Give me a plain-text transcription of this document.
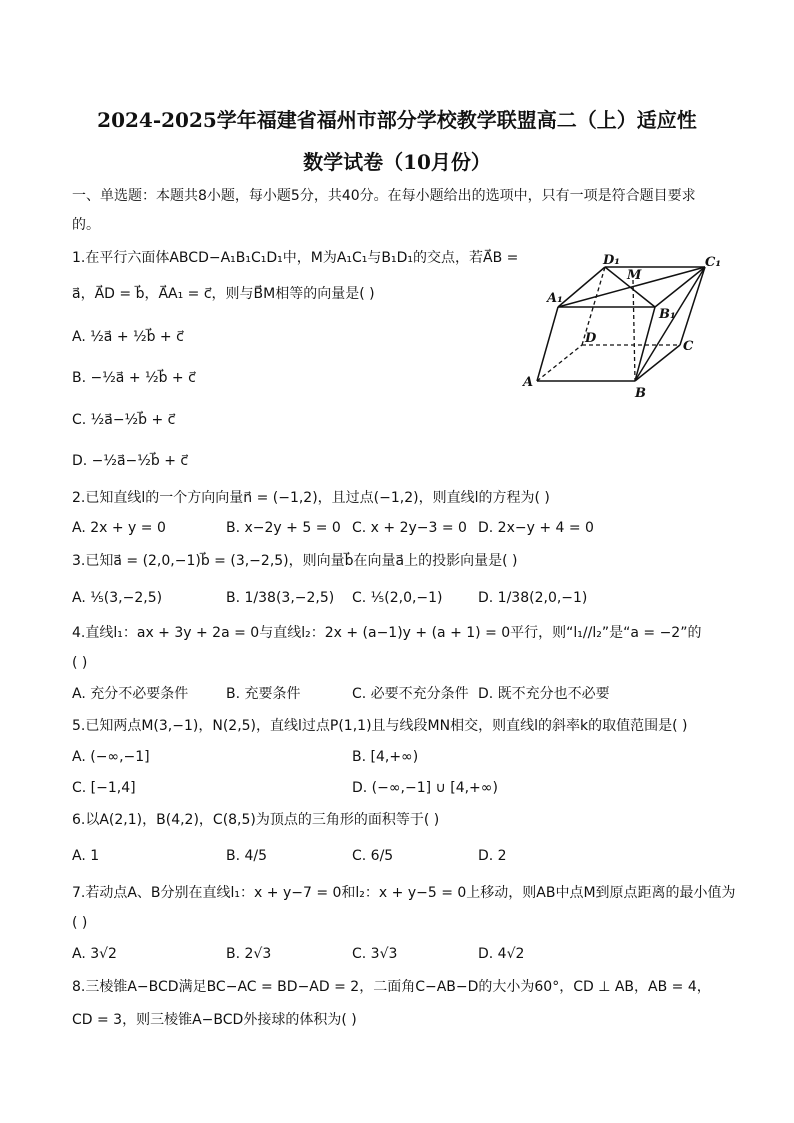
2024-2025学年福建省福州市部分学校教学联盟高二（上）适应性
数学试卷（10月份）
一、单选题：本题共8小题，每小题5分，共40分。在每小题给出的选项中，只有一项是符合题目要求
的。
1.在平行六面体ABCD−A₁B₁C₁D₁中，M为A₁C₁与B₁D₁的交点，若A⃗B =
a⃗，A⃗D = b⃗，A⃗A₁ = c⃗，则与B⃗M相等的向量是( )
A. ½a⃗ + ½b⃗ + c⃗
B. −½a⃗ + ½b⃗ + c⃗
C. ½a⃗−½b⃗ + c⃗
D. −½a⃗−½b⃗ + c⃗
A
B
C
D
A₁
B₁
C₁
D₁
M
2.已知直线l的一个方向向量n⃗ = (−1,2)，且过点(−1,2)，则直线l的方程为( )
A. 2x + y = 0	B. x−2y + 5 = 0 C. x + 2y−3 = 0 D. 2x−y + 4 = 0
3.已知a⃗ = (2,0,−1)b⃗ = (3,−2,5)，则向量b⃗在向量a⃗上的投影向量是( )
A. ⅕(3,−2,5)	B. 1/38(3,−2,5) C. ⅕(2,0,−1)	D. 1/38(2,0,−1)
4.直线l₁：ax + 3y + 2a = 0与直线l₂：2x + (a−1)y + (a + 1) = 0平行，则“l₁//l₂”是“a = −2”的
( )
A. 充分不必要条件	B. 充要条件	C. 必要不充分条件 D. 既不充分也不必要
5.已知两点M(3,−1)，N(2,5)，直线l过点P(1,1)且与线段MN相交，则直线l的斜率k的取值范围是( )
A. (−∞,−1]	B. [4,+∞)
C. [−1,4]	D. (−∞,−1] ∪ [4,+∞)
6.以A(2,1)，B(4,2)，C(8,5)为顶点的三角形的面积等于( )
A. 1	B. 4/5	C. 6/5	D. 2
7.若动点A、B分别在直线l₁：x + y−7 = 0和l₂：x + y−5 = 0上移动，则AB中点M到原点距离的最小值为
( )
A. 3√2	B. 2√3	C. 3√3	D. 4√2
8.三棱锥A−BCD满足BC−AC = BD−AD = 2，二面角C−AB−D的大小为60°，CD ⊥ AB，AB = 4，
CD = 3，则三棱锥A−BCD外接球的体积为( )
